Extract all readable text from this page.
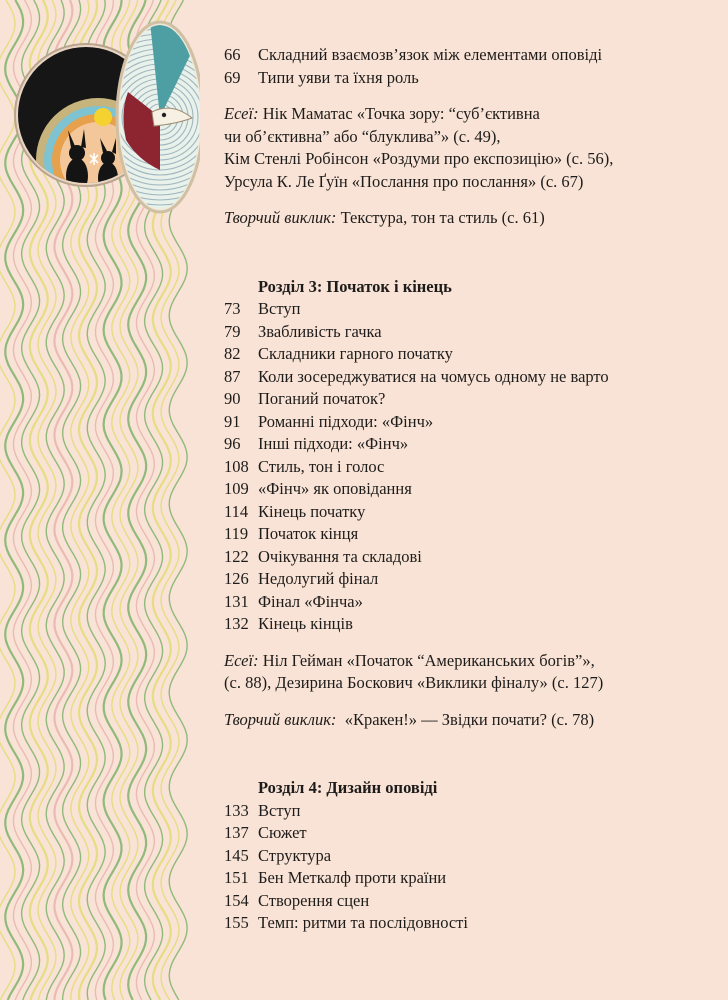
66	Складний взаємозв’язок між елементами оповіді
69	Типи уяви та їхня роль
Есеї: Нік Маматас «Точка зору: “суб’єктивна
чи об’єктивна” або “блуклива”» (с. 49),
Кім Стенлі Робінсон «Роздуми про експозицію» (с. 56),
Урсула К. Ле Ґуїн «Послання про послання» (с. 67)
Творчий виклик: Текстура, тон та стиль (с. 61)
Розділ 3: Початок і кінець
73	Вступ
79	Звабливість гачка
82	Складники гарного початку
87	Коли зосереджуватися на чомусь одному не варто
90	Поганий початок?
91	Романні підходи: «Фінч»
96	Інші підходи: «Фінч»
108 Стиль, тон і голос
109 «Фінч» як оповідання
114 Кінець початку
119 Початок кінця
122 Очікування та складові
126 Недолугий фінал
131 Фінал «Фінча»
132 Кінець кінців
Есеї: Ніл Гейман «Початок “Американських богів”»,
(с. 88), Дезирина Боскович «Виклики фіналу» (с. 127)
Творчий виклик:  «Кракен!» — Звідки почати? (с. 78)
Розділ 4: Дизайн оповіді
133 Вступ
137 Сюжет
145 Структура
151 Бен Меткалф проти країни
154 Створення сцен
155 Темп: ритми та послідовності
